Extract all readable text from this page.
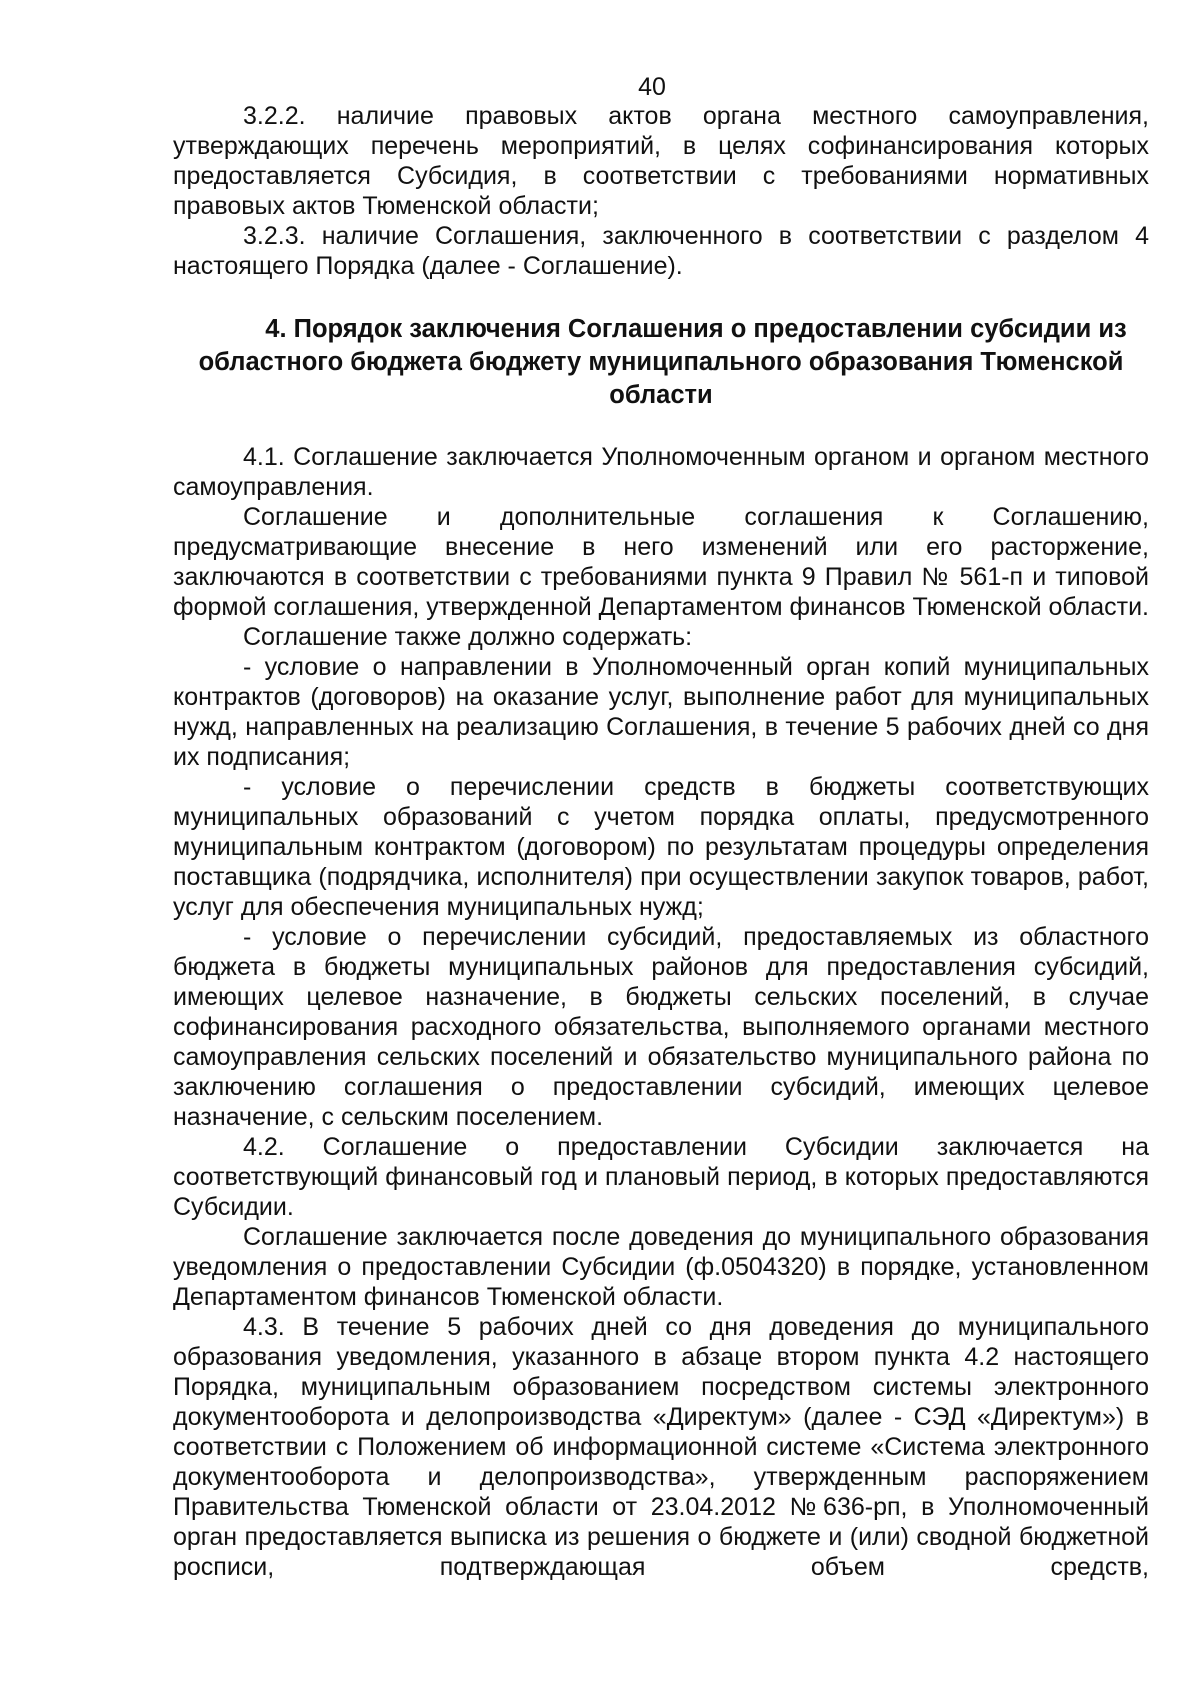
40

3.2.2. наличие правовых актов органа местного самоуправления, утверждающих перечень мероприятий, в целях софинансирования которых предоставляется Субсидия, в соответствии с требованиями нормативных правовых актов Тюменской области;

3.2.3. наличие Соглашения, заключенного в соответствии с разделом 4 настоящего Порядка (далее - Соглашение).

4. Порядок заключения Соглашения о предоставлении субсидии из областного бюджета бюджету муниципального образования Тюменской области

4.1. Соглашение заключается Уполномоченным органом и органом местного самоуправления.

Соглашение и дополнительные соглашения к Соглашению, предусматривающие внесение в него изменений или его расторжение, заключаются в соответствии с требованиями пункта 9 Правил № 561-п и типовой формой соглашения, утвержденной Департаментом финансов Тюменской области.

Соглашение также должно содержать:

- условие о направлении в Уполномоченный орган копий муниципальных контрактов (договоров) на оказание услуг, выполнение работ для муниципальных нужд, направленных на реализацию Соглашения, в течение 5 рабочих дней со дня их подписания;

- условие о перечислении средств в бюджеты соответствующих муниципальных образований с учетом порядка оплаты, предусмотренного муниципальным контрактом (договором) по результатам процедуры определения поставщика (подрядчика, исполнителя) при осуществлении закупок товаров, работ, услуг для обеспечения муниципальных нужд;

- условие о перечислении субсидий, предоставляемых из областного бюджета в бюджеты муниципальных районов для предоставления субсидий, имеющих целевое назначение, в бюджеты сельских поселений, в случае софинансирования расходного обязательства, выполняемого органами местного самоуправления сельских поселений и обязательство муниципального района по заключению соглашения о предоставлении субсидий, имеющих целевое назначение, с сельским поселением.

4.2. Соглашение о предоставлении Субсидии заключается на соответствующий финансовый год и плановый период, в которых предоставляются Субсидии.

Соглашение заключается после доведения до муниципального образования уведомления о предоставлении Субсидии (ф.0504320) в порядке, установленном Департаментом финансов Тюменской области.

4.3. В течение 5 рабочих дней со дня доведения до муниципального образования уведомления, указанного в абзаце втором пункта 4.2 настоящего Порядка, муниципальным образованием посредством системы электронного документооборота и делопроизводства «Директум» (далее - СЭД «Директум») в соответствии с Положением об информационной системе «Система электронного документооборота и делопроизводства», утвержденным распоряжением Правительства Тюменской области от 23.04.2012 №636-рп, в Уполномоченный орган предоставляется выписка из решения о бюджете и (или) сводной бюджетной росписи, подтверждающая объем средств,
